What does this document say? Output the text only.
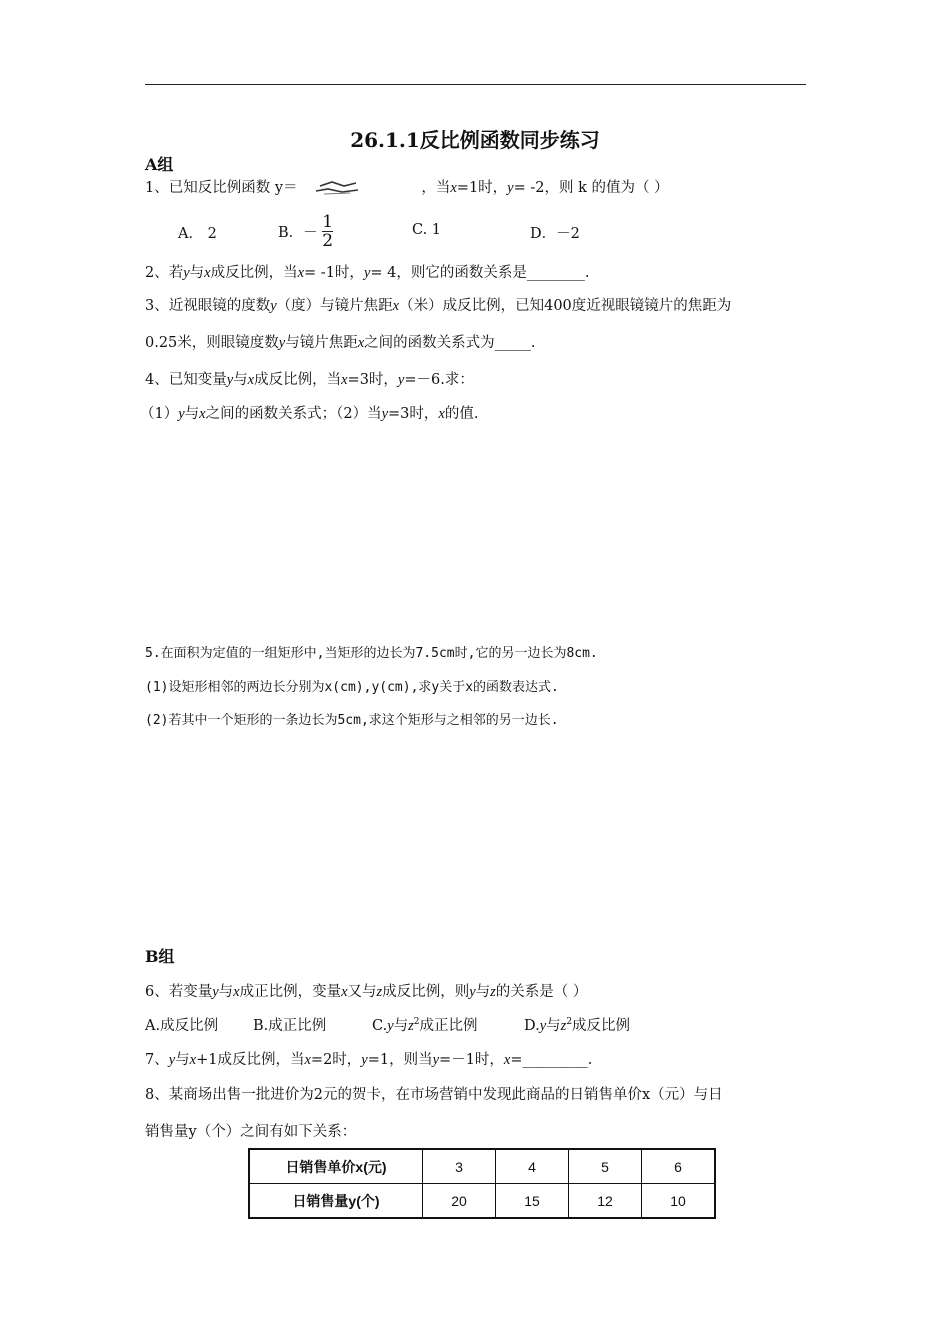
26.1.1反比例函数同步练习
A组
1、已知反比例函数 y＝	，当x=1时，y= -2，则 k 的值为（ ）
A． 2	B．－ $\frac{1}{2}$	C. 1	D．－2
2、若y与x成反比例，当x= -1时，y= 4，则它的函数关系是________.
3、近视眼镜的度数y（度）与镜片焦距x（米）成反比例，已知400度近视眼镜镜片的焦距为
0.25米，则眼镜度数y与镜片焦距x之间的函数关系式为_____.
4、已知变量y与x成反比例，当x=3时，y=－6.求：
（1）y与x之间的函数关系式；（2）当y=3时，x的值.
5.在面积为定值的一组矩形中,当矩形的边长为7.5cm时,它的另一边长为8cm.
(1)设矩形相邻的两边长分别为x(cm),y(cm),求y关于x的函数表达式.
(2)若其中一个矩形的一条边长为5cm,求这个矩形与之相邻的另一边长.
B组
6、若变量y与x成正比例，变量x又与z成反比例，则y与z的关系是（ ）
A.成反比例 B.成正比例	C.y与$z^2$成正比例	D.y与$z^2$成反比例
7、y与x+1成反比例，当x=2时，y=1，则当y=－1时，x=_________.
8、某商场出售一批进价为2元的贺卡，在市场营销中发现此商品的日销售单价x（元）与日
销售量y（个）之间有如下关系：
日销售单价x(元)	3	4	5	6
日销售量y(个)	20	15	12	10
